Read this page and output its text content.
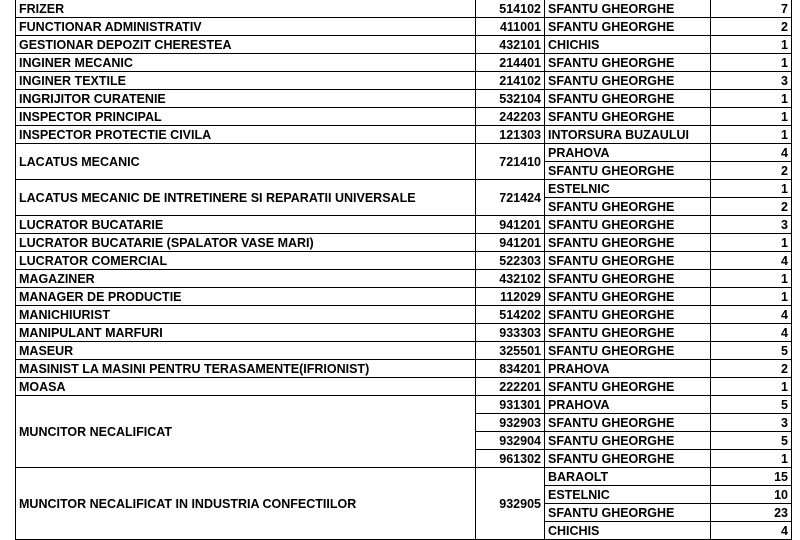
FRIZER	514102	SFANTU GHEORGHE	7
FUNCTIONAR ADMINISTRATIV	411001	SFANTU GHEORGHE	2
GESTIONAR DEPOZIT CHERESTEA	432101	CHICHIS	1
INGINER MECANIC	214401	SFANTU GHEORGHE	1
INGINER TEXTILE	214102	SFANTU GHEORGHE	3
INGRIJITOR CURATENIE	532104	SFANTU GHEORGHE	1
INSPECTOR PRINCIPAL	242203	SFANTU GHEORGHE	1
INSPECTOR PROTECTIE CIVILA	121303	INTORSURA BUZAULUI	1
LACATUS MECANIC	721410	PRAHOVA	4
		SFANTU GHEORGHE	2
LACATUS MECANIC DE INTRETINERE SI REPARATII UNIVERSALE	721424	ESTELNIC	1
		SFANTU GHEORGHE	2
LUCRATOR BUCATARIE	941201	SFANTU GHEORGHE	3
LUCRATOR BUCATARIE (SPALATOR VASE MARI)	941201	SFANTU GHEORGHE	1
LUCRATOR COMERCIAL	522303	SFANTU GHEORGHE	4
MAGAZINER	432102	SFANTU GHEORGHE	1
MANAGER DE PRODUCTIE	112029	SFANTU GHEORGHE	1
MANICHIURIST	514202	SFANTU GHEORGHE	4
MANIPULANT MARFURI	933303	SFANTU GHEORGHE	4
MASEUR	325501	SFANTU GHEORGHE	5
MASINIST LA MASINI PENTRU TERASAMENTE(IFRIONIST)	834201	PRAHOVA	2
MOASA	222201	SFANTU GHEORGHE	1
MUNCITOR NECALIFICAT	931301	PRAHOVA	5
	932903	SFANTU GHEORGHE	3
	932904	SFANTU GHEORGHE	5
	961302	SFANTU GHEORGHE	1
MUNCITOR NECALIFICAT IN INDUSTRIA CONFECTIILOR	932905	BARAOLT	15
		ESTELNIC	10
		SFANTU GHEORGHE	23
		CHICHIS	4
